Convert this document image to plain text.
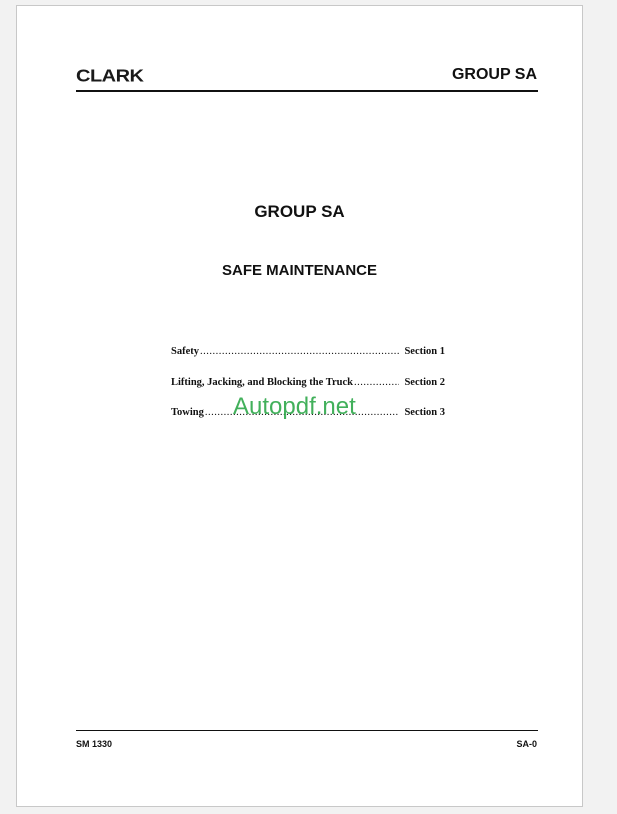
CLARK	GROUP SA
GROUP SA
SAFE MAINTENANCE
Safety .....	Section 1
Lifting, Jacking, and Blocking the Truck .....	Section 2
Towing .....	Section 3
Autopdf.net
SM 1330	SA-0
